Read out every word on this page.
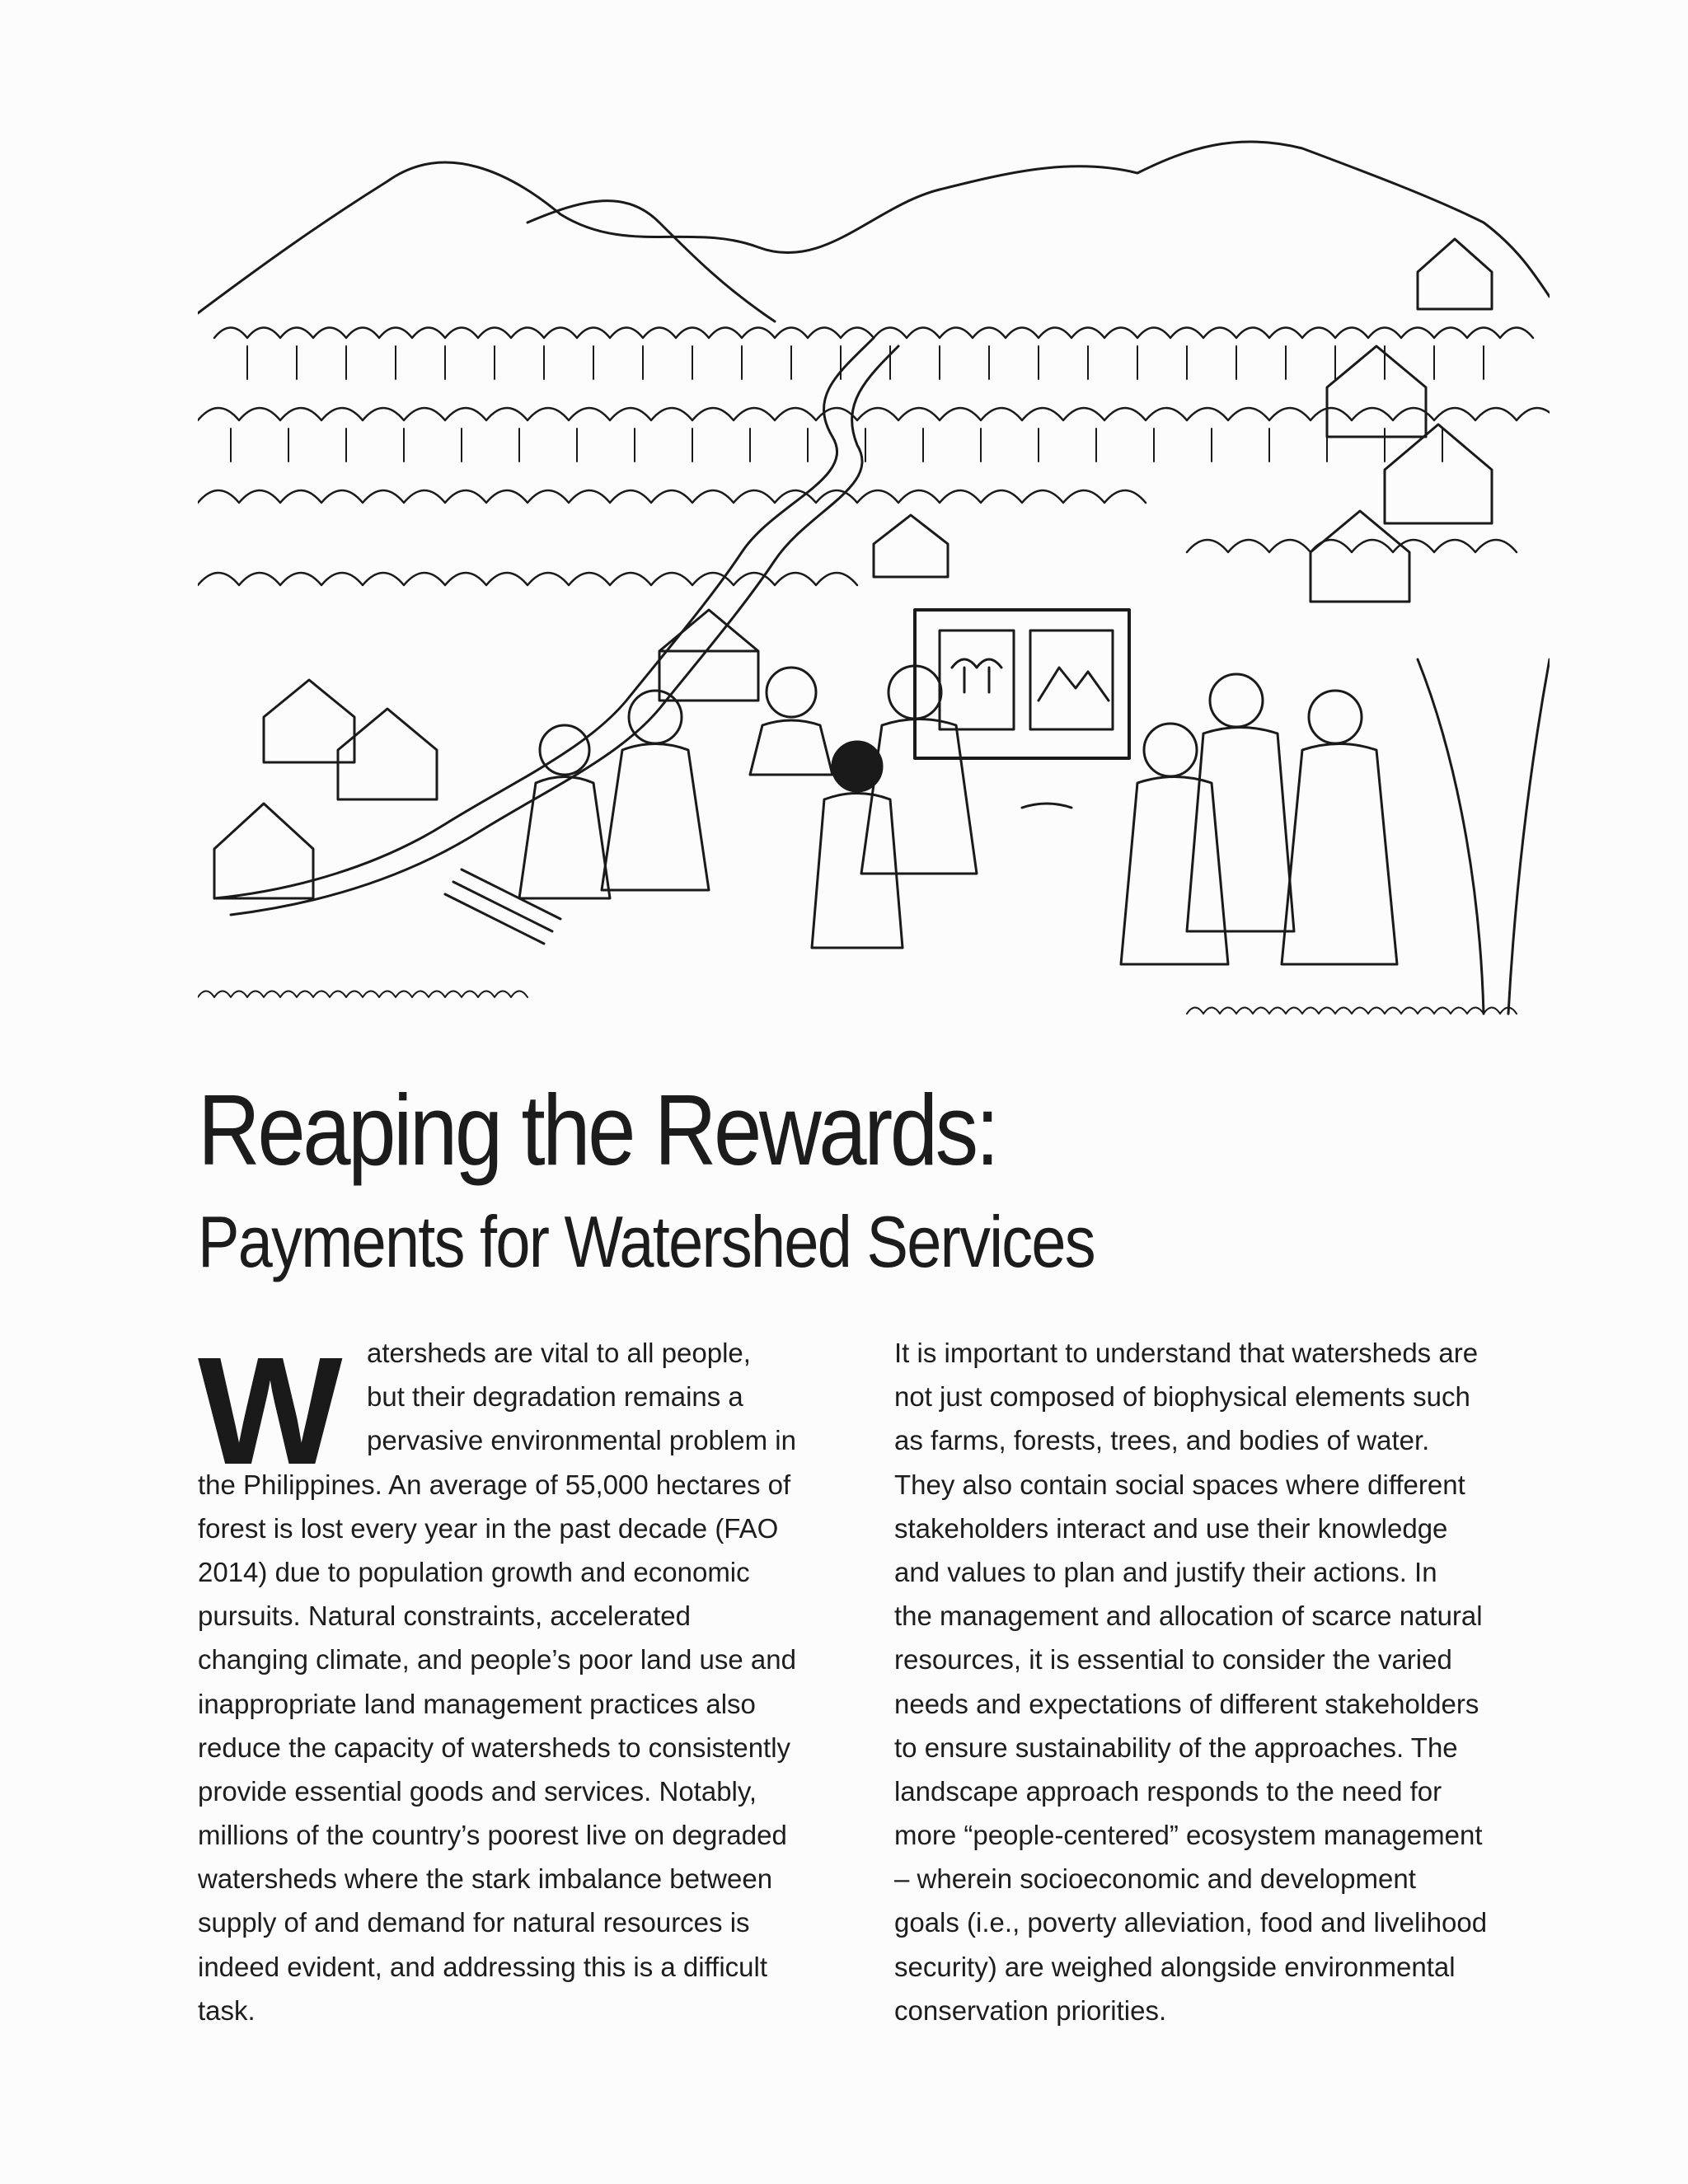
Reaping the Rewards:
Payments for Watershed Services
W	atersheds are vital to all people,
but their degradation remains a
pervasive environmental problem in
the Philippines. An average of 55,000 hectares of
forest is lost every year in the past decade (FAO
2014) due to population growth and economic
pursuits. Natural constraints, accelerated
changing climate, and people’s poor land use and
inappropriate land management practices also
reduce the capacity of watersheds to consistently
provide essential goods and services. Notably,
millions of the country’s poorest live on degraded
watersheds where the stark imbalance between
supply of and demand for natural resources is
indeed evident, and addressing this is a difficult
task.
It is important to understand that watersheds are
not just composed of biophysical elements such
as farms, forests, trees, and bodies of water.
They also contain social spaces where different
stakeholders interact and use their knowledge
and values to plan and justify their actions. In
the management and allocation of scarce natural
resources, it is essential to consider the varied
needs and expectations of different stakeholders
to ensure sustainability of the approaches. The
landscape approach responds to the need for
more “people-centered” ecosystem management
– wherein socioeconomic and development
goals (i.e., poverty alleviation, food and livelihood
security) are weighed alongside environmental
conservation priorities.
